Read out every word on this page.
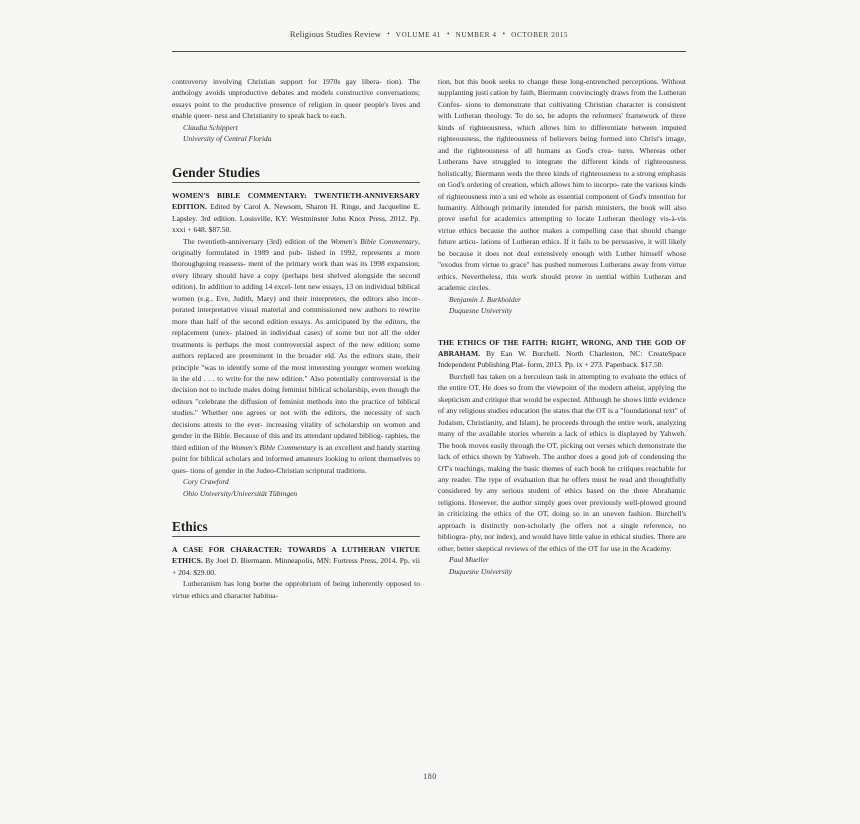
Religious Studies Review • VOLUME 41 • NUMBER 4 • OCTOBER 2015

controversy involving Christian support for 1970s gay libera- tion). The anthology avoids unproductive debates and models constructive conversations; essays point to the productive presence of religion in queer people's lives and enable queer- ness and Christianity to speak back to each.

Claudia Schippert

University of Central Florida

Gender Studies

WOMEN'S BIBLE COMMENTARY: TWENTIETH-ANNIVERSARY EDITION. Edited by Carol A. Newsom, Sharon H. Ringe, and Jacqueline E. Lapsley. 3rd edition. Louisville, KY: Westminster John Knox Press, 2012. Pp. xxxi + 648. $87.50.

The twentieth-anniversary (3rd) edition of the Women's Bible Commentary, originally formulated in 1989 and pub- lished in 1992, represents a more thoroughgoing reassess- ment of the primary work than was its 1998 expansion; every library should have a copy (perhaps best shelved alongside the second edition). In addition to adding 14 excel- lent new essays, 13 on individual biblical women (e.g., Eve, Judith, Mary) and their interpreters, the editors also incor- porated interpretative visual material and commissioned new authors to rewrite more than half of the second edition essays. As anticipated by the editors, the replacement (unex- plained in individual cases) of some but not all the older treatments is perhaps the most controversial aspect of the new edition; some authors replaced are preeminent in the broader eld. As the editors state, their principle "was to identify some of the most interesting younger women working in the eld . . . to write for the new edition." Also potentially controversial is the decision not to include males doing feminist biblical scholarship, even though the editors "celebrate the diffusion of feminist methods into the practice of biblical studies." Whether one agrees or not with the editors, the necessity of such decisions attests to the ever- increasing vitality of scholarship on women and gender in the Bible. Because of this and its attendant updated bibliog- raphies, the third edition of the Women's Bible Commentary is an excellent and handy starting point for biblical scholars and informed amateurs looking to orient themselves to ques- tions of gender in the Judeo-Christian scriptural traditions.

Cory Crawford

Ohio University/Universität Tübingen

Ethics

A CASE FOR CHARACTER: TOWARDS A LUTHERAN VIRTUE ETHICS. By Joel D. Biermann. Minneapolis, MN: Fortress Press, 2014. Pp. vii + 204. $29.00.

Lutheranism has long borne the opprobrium of being inherently opposed to virtue ethics and character habitua-

tion, but this book seeks to change these long-entrenched perceptions. Without supplanting justi cation by faith, Biermann convincingly draws from the Lutheran Confes- sions to demonstrate that cultivating Christian character is consistent with Lutheran theology. To do so, he adopts the reformers' framework of three kinds of righteousness, which allows him to differentiate between imputed righteousness, the righteousness of believers being formed into Christ's image, and the righteousness of all humans as God's crea- tures. Whereas other Lutherans have struggled to integrate the different kinds of righteousness holistically, Biermann weds the three kinds of righteousness to a strong emphasis on God's ordering of creation, which allows him to incorpo- rate the various kinds of righteousness into a uni ed whole as essential component of God's intention for humanity. Although primarily intended for parish ministers, the book will also prove useful for academics attempting to locate Lutheran theology vis-à-vis virtue ethics because the author makes a compelling case that should change future articu- lations of Lutheran ethics. If it fails to be persuasive, it will likely be because it does not deal extensively enough with Luther himself whose "exodus from virtue to grace" has pushed numerous Lutherans away from virtue ethics. Nevertheless, this work should prove in uential within Lutheran and academic circles.

Benjamin J. Burkholder

Duquesne University

THE ETHICS OF THE FAITH: RIGHT, WRONG, AND THE GOD OF ABRAHAM. By Ean W. Burchell. North Charleston, NC: CreateSpace Independent Publishing Plat- form, 2013. Pp. ix + 273. Paperback. $17.50.

Burchell has taken on a herculean task in attempting to evaluate the ethics of the entire OT. He does so from the viewpoint of the modern atheist, applying the skepticism and critique that would be expected. Although he shows little evidence of any religious studies education (he states that the OT is a "foundational text" of Judaism, Christianity, and Islam), he proceeds through the entire work, analyzing many of the available stories wherein a lack of ethics is displayed by Yahweh. The book moves easily through the OT, picking out verses which demonstrate the lack of ethics shown by Yahweh. The author does a good job of condensing the OT's teachings, making the basic themes of each book he critiques reachable for any reader. The type of evaluation that he offers must be read and thoughtfully considered by any serious student of ethics based on the three Abrahamic religions. However, the author simply goes over previously well-plowed ground in criticizing the ethics of the OT, doing so in an uneven fashion. Burchell's approach is distinctly non-scholarly (he offers not a single reference, no bibliogra- phy, nor index), and would have little value in ethical studies. There are other, better skeptical reviews of the ethics of the OT for use in the Academy.

Paul Mueller

Duquesne University

180
